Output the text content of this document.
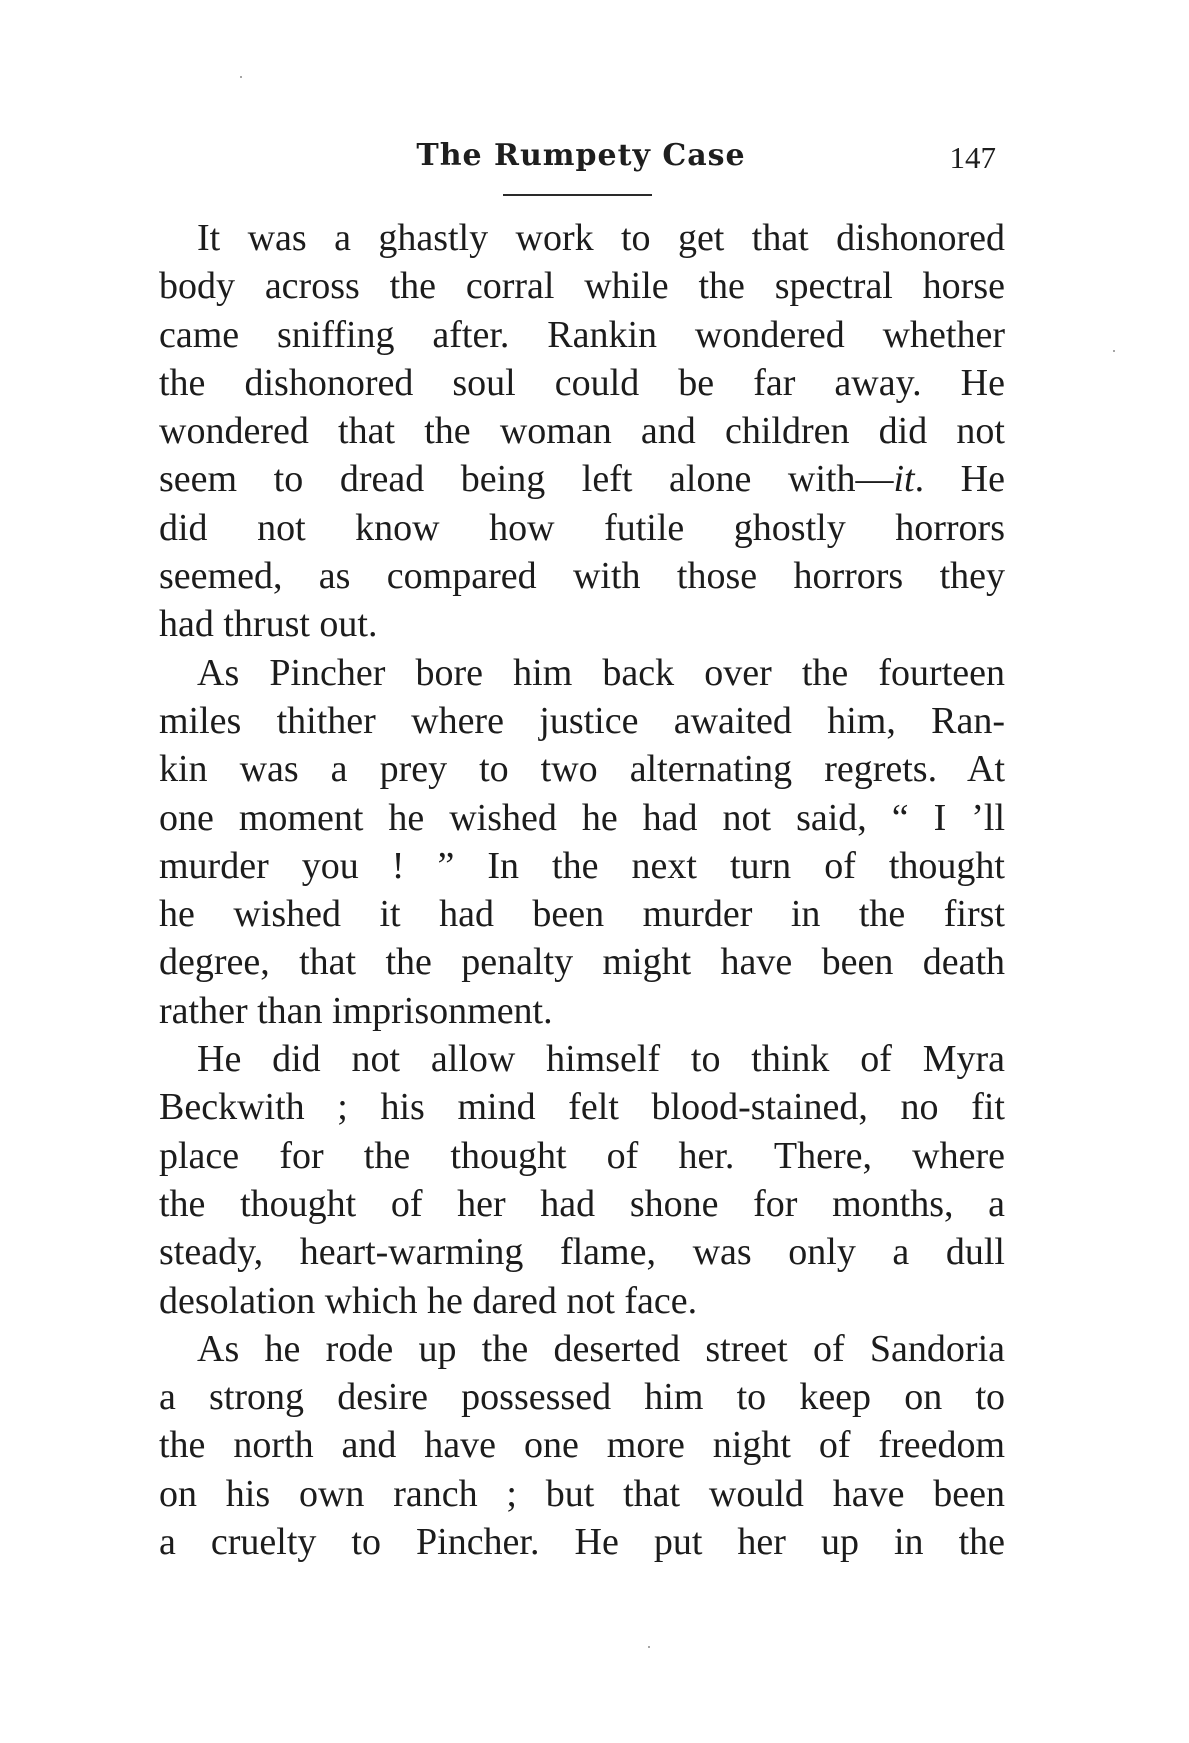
The Rumpety Case	147
It was a ghastly work to get that dishonored
body across the corral while the spectral horse
came sniffing after. Rankin wondered whether
the dishonored soul could be far away. He
wondered that the woman and children did not
seem to dread being left alone with—it. He
did not know how futile ghostly horrors
seemed, as compared with those horrors they
had thrust out.
As Pincher bore him back over the fourteen
miles thither where justice awaited him, Ran-
kin was a prey to two alternating regrets. At
one moment he wished he had not said, “ I ’ll
murder you ! ” In the next turn of thought
he wished it had been murder in the first
degree, that the penalty might have been death
rather than imprisonment.
He did not allow himself to think of Myra
Beckwith ; his mind felt blood-stained, no fit
place for the thought of her. There, where
the thought of her had shone for months, a
steady, heart-warming flame, was only a dull
desolation which he dared not face.
As he rode up the deserted street of Sandoria
a strong desire possessed him to keep on to
the north and have one more night of freedom
on his own ranch ; but that would have been
a cruelty to Pincher. He put her up in the
